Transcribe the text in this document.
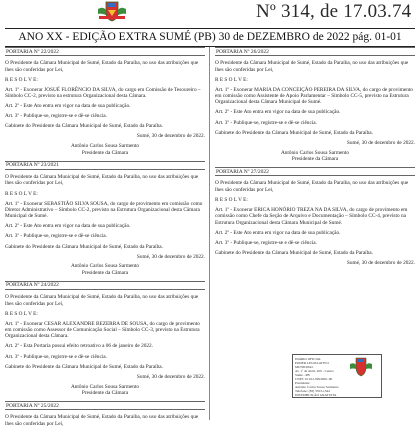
Nº 314, de 17.03.74
ANO XX - EDIÇÃO EXTRA SUMÉ (PB) 30 de DEZEMBRO de 2022 pág. 01-01
PORTARIA Nº 22/2022

O Presidente da Câmara Municipal de Sumé, Estado da Paraíba, no uso das atribuições que lhes são conferidas por Lei,

R E S O L V E:

Art. 1º - Exonerar JOSUÉ FLORÊNCIO DA SILVA, do cargo em Comissão de Tesoureiro – Símbolo CC-2, previsto na estrutura Organizacional desta Câmara.

Art. 2º - Este Ato entra em vigor na data de sua publicação.

Art. 3º - Publique-se, registre-se e dê-se ciência.

Gabinete do Presidente da Câmara Municipal de Sumé, Estado da Paraíba.

Sumé, 30 de dezembro de 2022.

Antônio Carlos Sousa Sarmento

Presidente da Câmara

PORTARIA Nº 23/2021

O Presidente da Câmara Municipal de Sumé, Estado da Paraíba, no uso das atribuições que lhes são conferidas por Lei,

R E S O L V E:

Art. 1º - Exonerar SEBASTIÃO SILVA SOUSA, do cargo de provimento em comissão como Diretor Administrativo – Símbolo CC-2, previsto na Estrutura Organizacional desta Câmara Municipal de Sumé.

Art. 2º - Este Ato entra em vigor na data de sua publicação.

Art. 3º - Publique-se, registre-se e dê-se ciência.

Gabinete do Presidente da Câmara Municipal de Sumé, Estado da Paraíba.

Sumé, 30 de dezembro de 2022.

Antônio Carlos Sousa Sarmento

Presidente da Câmara

PORTARIA Nº 24/2022

O Presidente da Câmara Municipal de Sumé, Estado da Paraíba, no uso das atribuições que lhes são conferidas por Lei,

R E S O L V E:

Art. 1º - Exonerar CESAR ALEXANDRE BEZERRA DE SOUSA, do cargo de provimento em comissão como Assessor de Comunicação Social – Símbolo CC-3, previsto na Estrutura Organizacional desta Câmara.

Art. 2º - Esta Portaria possui efeito retroativo a 06 de janeiro de 2022.

Art. 3º - Publique-se, registre-se e dê-se ciência.

Gabinete do Presidente da Câmara Municipal de Sumé, Estado da Paraíba.

Sumé, 30 de dezembro de 2022.

Antônio Carlos Sousa Sarmento

Presidente da Câmara

PORTARIA Nº 25/2022

O Presidente da Câmara Municipal de Sumé, Estado da Paraíba, no uso das atribuições que lhes são conferidas por Lei,

PORTARIA Nº 26/2022

O Presidente da Câmara Municipal de Sumé, Estado da Paraíba, no uso das atribuições que lhes são conferidas por Lei,

R E S O L V E:

Art. 1º - Exonerar MARIA DA CONCEIÇÃO PEREIRA DA SILVA, do cargo de provimento em comissão como Assistente de Apoio Parlamentar – Símbolo CC-5, previsto na Estrutura Organizacional desta Câmara Municipal de Sumé.

Art. 2º - Este Ato entra em vigor na data de sua publicação.

Art. 3º - Publique-se, registre-se e dê-se ciência.

Gabinete do Presidente da Câmara Municipal de Sumé, Estado da Paraíba.

Sumé, 30 de dezembro de 2022.

Antônio Carlos Sousa Sarmento

Presidente da Câmara

PORTARIA Nº 27/2022

O Presidente da Câmara Municipal de Sumé, Estado da Paraíba, no uso das atribuições que lhes são conferidas por Lei,

R E S O L V E:

Art. 1º - Exonerar ERICA HONÓRIO TREZA NA DA SILVA, do cargo de provimento em comissão como Chefe da Seção de Arquivo e Documentação – Símbolo CC-4, previsto na Estrutura Organizacional desta Câmara Municipal de Sumé.

Art. 2º - Este Ato entra em vigor na data de sua publicação.

Art. 3º - Publique-se, registre-se e dê-se ciência.

Gabinete do Presidente da Câmara Municipal de Sumé, Estado da Paraíba.

Sumé, 30 de dezembro de 2022.

DIÁRIO OFICIAL

PODER LEGISLATIVO MUNICIPAL

Av. 1º de Abril, 200 - Centro

Sumé - PB

CNPJ: 01.612.599/0001-00

Presidente:

Antônio Carlos Sousa Sarmento

Telefone: (83) 3353-1344

DISTRIBUIÇÃO GRATUITA
